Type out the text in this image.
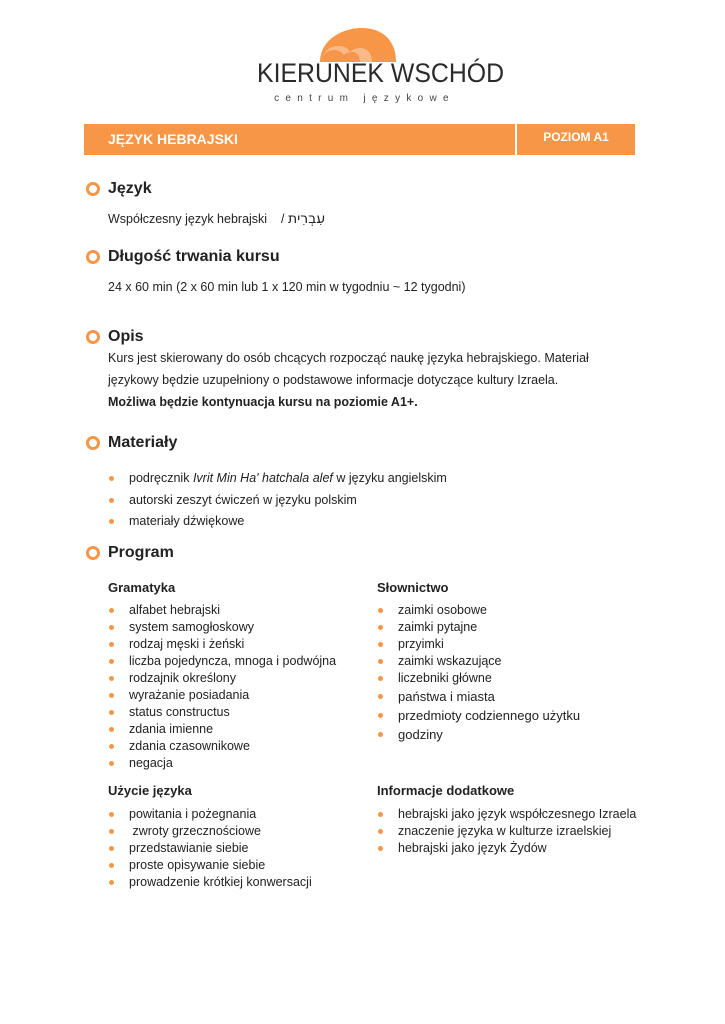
KIERUNEK WSCHÓD
centrum językowe
JĘZYK HEBRAJSKI	POZIOM A1
Język
Współczesny język hebrajski / עִבְרִית
Długość trwania kursu
24 x 60 min (2 x 60 min lub 1 x 120 min w tygodniu ~ 12 tygodni)
Opis
Kurs jest skierowany do osób chcących rozpocząć naukę języka hebrajskiego. Materiał
językowy będzie uzupełniony o podstawowe informacje dotyczące kultury Izraela.
Możliwa będzie kontynuacja kursu na poziomie A1+.
Materiały
podręcznik Ivrit Min Ha' hatchala alef w języku angielskim
autorski zeszyt ćwiczeń w języku polskim
materiały dźwiękowe
Program
Gramatyka
alfabet hebrajski
system samogłoskowy
rodzaj męski i żeński
liczba pojedyncza, mnoga i podwójna
rodzajnik określony
wyrażanie posiadania
status constructus
zdania imienne
zdania czasownikowe
negacja
Słownictwo
zaimki osobowe
zaimki pytajne
przyimki
zaimki wskazujące
liczebniki główne
państwa i miasta
przedmioty codziennego użytku
godziny
Użycie języka
powitania i pożegnania
zwroty grzecznościowe
przedstawianie siebie
proste opisywanie siebie
prowadzenie krótkiej konwersacji
Informacje dodatkowe
hebrajski jako język współczesnego Izraela
znaczenie języka w kulturze izraelskiej
hebrajski jako język Żydów
